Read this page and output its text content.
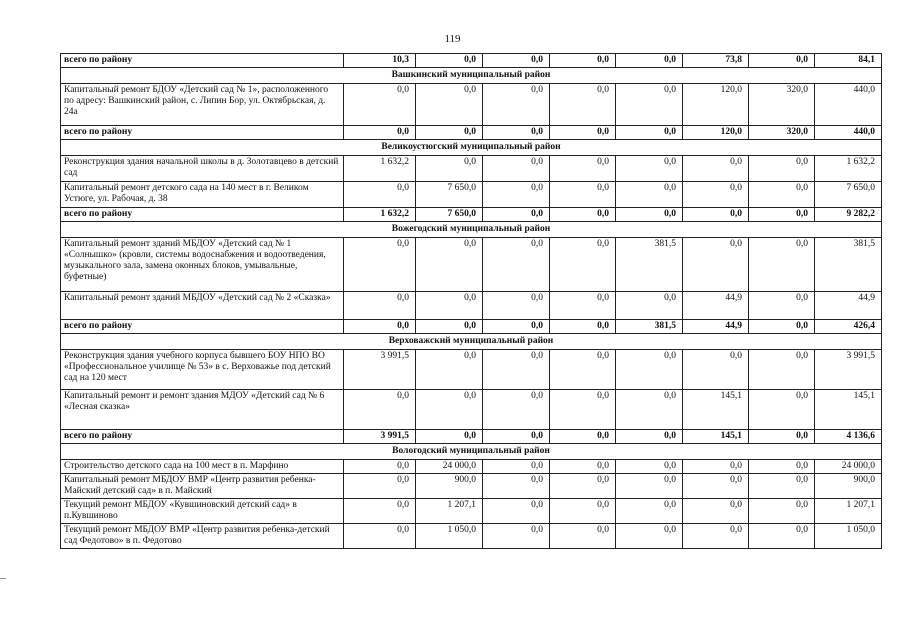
119
всего по району	10,3	0,0	0,0	0,0	0,0	73,8	0,0	84,1
Вашкинский муниципальный район								
Капитальный ремонт БДОУ «Детский сад № 1», расположенного по адресу: Вашкинский район, с. Липин Бор, ул. Октябрьская, д. 24а	0,0	0,0	0,0	0,0	0,0	120,0	320,0	440,0
всего по району	0,0	0,0	0,0	0,0	0,0	120,0	320,0	440,0
Великоустюгский муниципальный район								
Реконструкция здания начальной школы в д. Золотавцево в детский сад	1 632,2	0,0	0,0	0,0	0,0	0,0	0,0	1 632,2
Капитальный ремонт детского сада на 140 мест в г. Великом Устюге, ул. Рабочая, д. 38	0,0	7 650,0	0,0	0,0	0,0	0,0	0,0	7 650,0
всего по району	1 632,2	7 650,0	0,0	0,0	0,0	0,0	0,0	9 282,2
Вожегодский муниципальный район								
Капитальный ремонт зданий МБДОУ «Детский сад № 1 «Солнышко» (кровли, системы водоснабжения и водоотведения, музыкального зала, замена оконных блоков, умывальные, буфетные)	0,0	0,0	0,0	0,0	381,5	0,0	0,0	381,5
Капитальный ремонт зданий МБДОУ «Детский сад № 2 «Сказка»	0,0	0,0	0,0	0,0	0,0	44,9	0,0	44,9
всего по району	0,0	0,0	0,0	0,0	381,5	44,9	0,0	426,4
Верховажский муниципальный район								
Реконструкция здания учебного корпуса бывшего БОУ НПО ВО «Профессиональное училище № 53» в с. Верховажье под детский сад на 120 мест	3 991,5	0,0	0,0	0,0	0,0	0,0	0,0	3 991,5
Капитальный ремонт и ремонт здания МДОУ «Детский сад № 6 «Лесная сказка»	0,0	0,0	0,0	0,0	0,0	145,1	0,0	145,1
всего по району	3 991,5	0,0	0,0	0,0	0,0	145,1	0,0	4 136,6
Вологодский муниципальный район								
Строительство детского сада на 100 мест в п. Марфино	0,0	24 000,0	0,0	0,0	0,0	0,0	0,0	24 000,0
Капитальный ремонт МБДОУ ВМР «Центр развития ребенка-Майский детский сад» в п. Майский	0,0	900,0	0,0	0,0	0,0	0,0	0,0	900,0
Текущий ремонт МБДОУ «Кувшиновский детский сад» в п.Кувшиново	0,0	1 207,1	0,0	0,0	0,0	0,0	0,0	1 207,1
Текущий ремонт МБДОУ ВМР «Центр развития ребенка-детский сад Федотово» в п. Федотово	0,0	1 050,0	0,0	0,0	0,0	0,0	0,0	1 050,0
